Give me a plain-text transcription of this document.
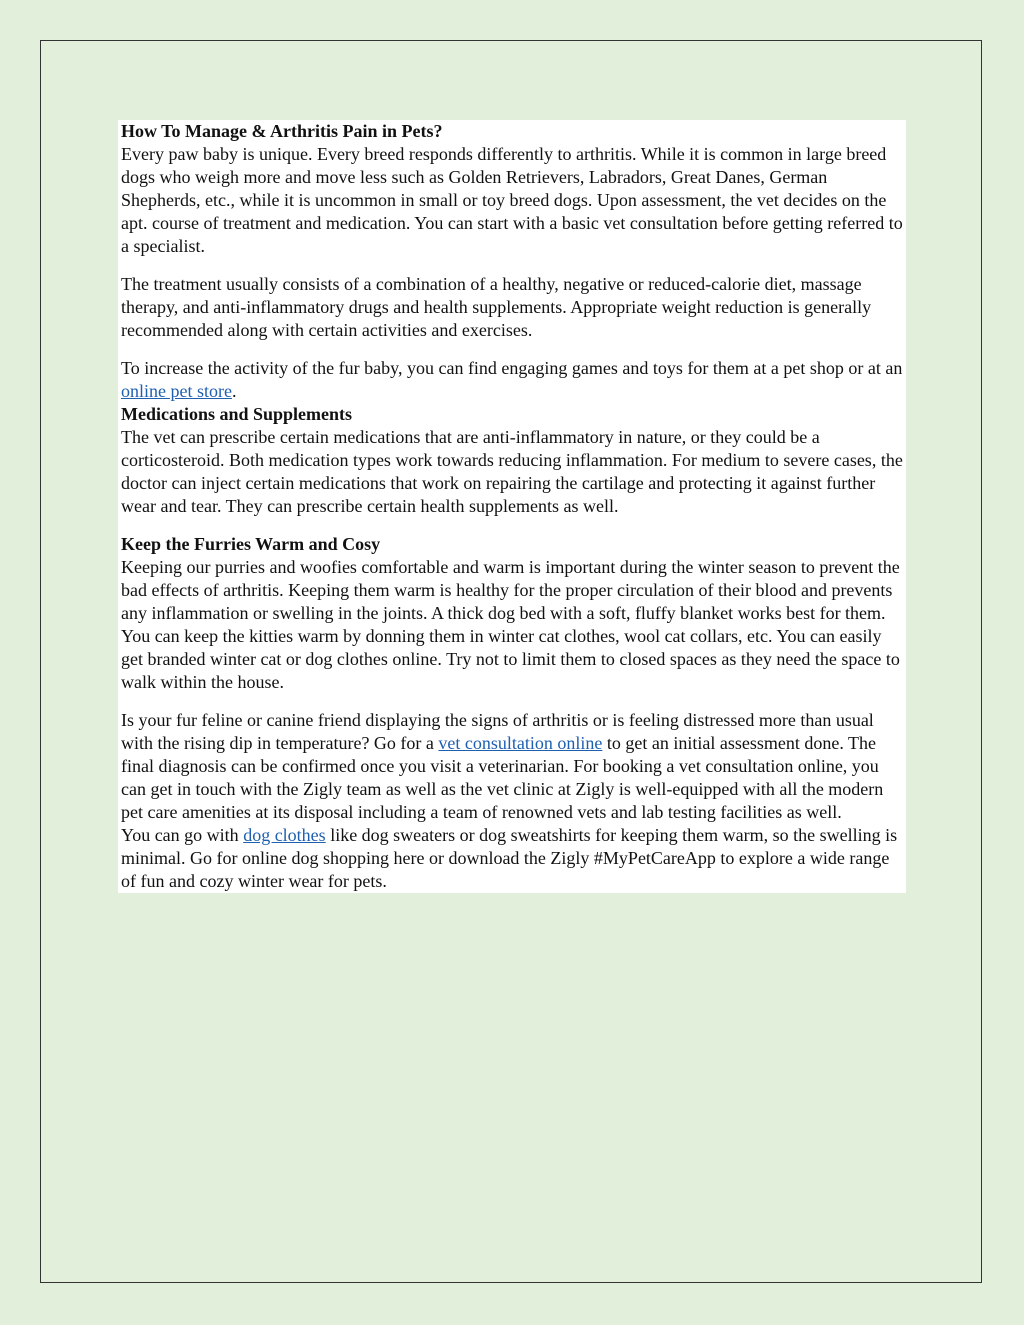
How To Manage & Arthritis Pain in Pets?
Every paw baby is unique. Every breed responds differently to arthritis. While it is common in large breed dogs who weigh more and move less such as Golden Retrievers, Labradors, Great Danes, German Shepherds, etc., while it is uncommon in small or toy breed dogs. Upon assessment, the vet decides on the apt. course of treatment and medication. You can start with a basic vet consultation before getting referred to a specialist.
The treatment usually consists of a combination of a healthy, negative or reduced-calorie diet, massage therapy, and anti-inflammatory drugs and health supplements. Appropriate weight reduction is generally recommended along with certain activities and exercises.
To increase the activity of the fur baby, you can find engaging games and toys for them at a pet shop or at an online pet store.
Medications and Supplements
The vet can prescribe certain medications that are anti-inflammatory in nature, or they could be a corticosteroid. Both medication types work towards reducing inflammation. For medium to severe cases, the doctor can inject certain medications that work on repairing the cartilage and protecting it against further wear and tear. They can prescribe certain health supplements as well.
Keep the Furries Warm and Cosy
Keeping our purries and woofies comfortable and warm is important during the winter season to prevent the bad effects of arthritis. Keeping them warm is healthy for the proper circulation of their blood and prevents any inflammation or swelling in the joints. A thick dog bed with a soft, fluffy blanket works best for them. You can keep the kitties warm by donning them in winter cat clothes, wool cat collars, etc. You can easily get branded winter cat or dog clothes online. Try not to limit them to closed spaces as they need the space to walk within the house.
Is your fur feline or canine friend displaying the signs of arthritis or is feeling distressed more than usual with the rising dip in temperature? Go for a vet consultation online to get an initial assessment done. The final diagnosis can be confirmed once you visit a veterinarian. For booking a vet consultation online, you can get in touch with the Zigly team as well as the vet clinic at Zigly is well-equipped with all the modern pet care amenities at its disposal including a team of renowned vets and lab testing facilities as well.
You can go with dog clothes like dog sweaters or dog sweatshirts for keeping them warm, so the swelling is minimal. Go for online dog shopping here or download the Zigly #MyPetCareApp to explore a wide range of fun and cozy winter wear for pets.
